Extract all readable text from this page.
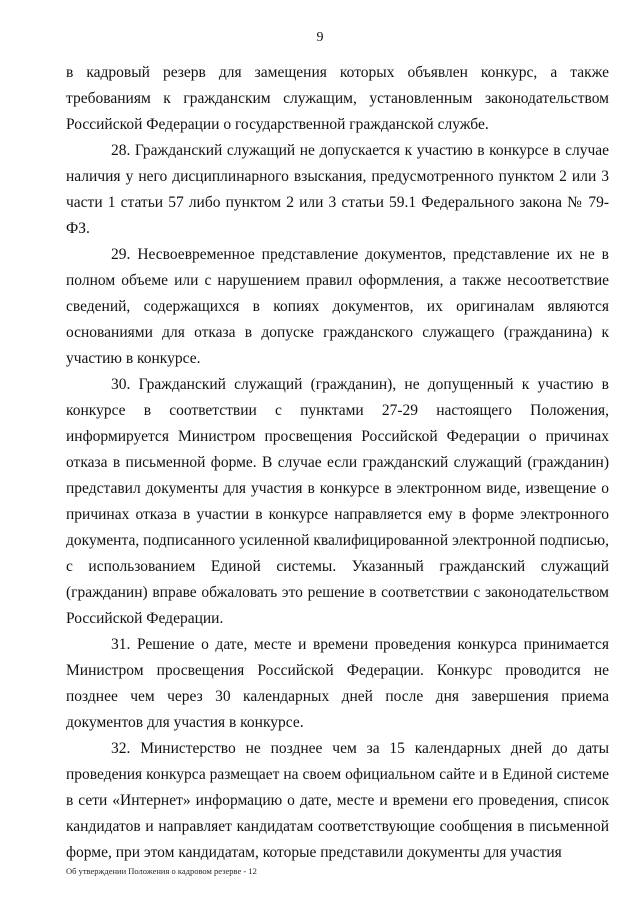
9

в кадровый резерв для замещения которых объявлен конкурс, а также требованиям к гражданским служащим, установленным законодательством Российской Федерации о государственной гражданской службе.

28. Гражданский служащий не допускается к участию в конкурсе в случае наличия у него дисциплинарного взыскания, предусмотренного пунктом 2 или 3 части 1 статьи 57 либо пунктом 2 или 3 статьи 59.1 Федерального закона № 79-ФЗ.

29. Несвоевременное представление документов, представление их не в полном объеме или с нарушением правил оформления, а также несоответствие сведений, содержащихся в копиях документов, их оригиналам являются основаниями для отказа в допуске гражданского служащего (гражданина) к участию в конкурсе.

30. Гражданский служащий (гражданин), не допущенный к участию в конкурсе в соответствии с пунктами 27-29 настоящего Положения, информируется Министром просвещения Российской Федерации о причинах отказа в письменной форме. В случае если гражданский служащий (гражданин) представил документы для участия в конкурсе в электронном виде, извещение о причинах отказа в участии в конкурсе направляется ему в форме электронного документа, подписанного усиленной квалифицированной электронной подписью, с использованием Единой системы. Указанный гражданский служащий (гражданин) вправе обжаловать это решение в соответствии с законодательством Российской Федерации.

31. Решение о дате, месте и времени проведения конкурса принимается Министром просвещения Российской Федерации. Конкурс проводится не позднее чем через 30 календарных дней после дня завершения приема документов для участия в конкурсе.

32. Министерство не позднее чем за 15 календарных дней до даты проведения конкурса размещает на своем официальном сайте и в Единой системе в сети «Интернет» информацию о дате, месте и времени его проведения, список кандидатов и направляет кандидатам соответствующие сообщения в письменной форме, при этом кандидатам, которые представили документы для участия

Об утверждении Положения о кадровом резерве - 12
